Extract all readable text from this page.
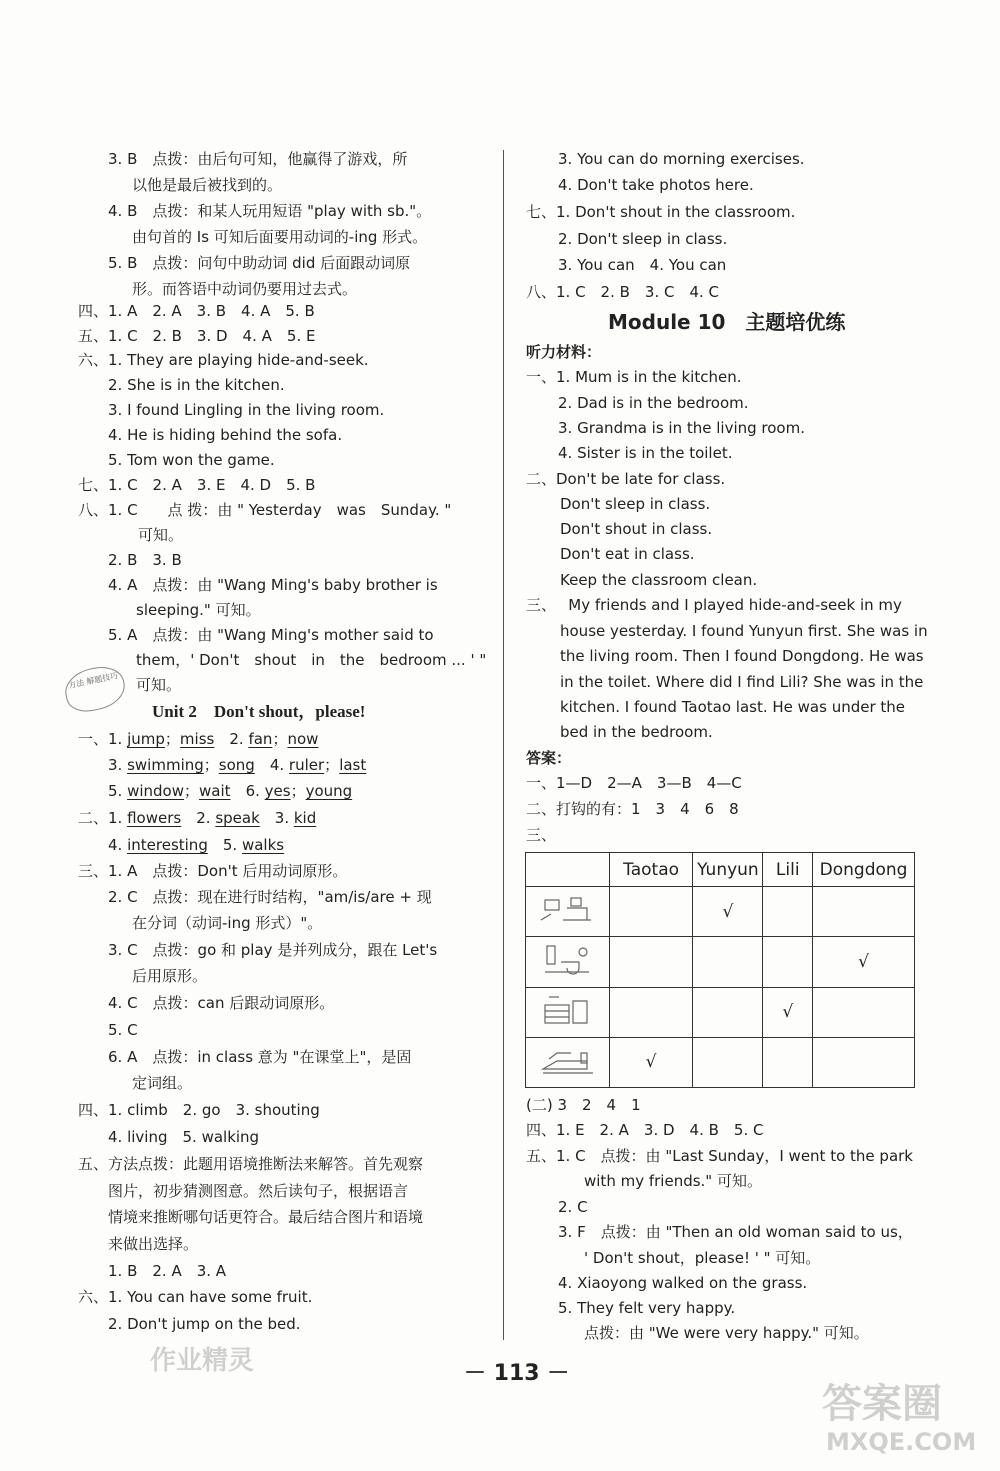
3. B　点拨：由后句可知，他赢得了游戏，所
以他是最后被找到的。
4. B　点拨：和某人玩用短语 "play with sb."。
由句首的 Is 可知后面要用动词的-ing 形式。
5. B　点拨：问句中助动词 did 后面跟动词原
形。而答语中动词仍要用过去式。
四、1. A　2. A　3. B　4. A　5. B
五、1. C　2. B　3. D　4. A　5. E
六、1. They are playing hide-and-seek.
2. She is in the kitchen.
3. I found Lingling in the living room.
4. He is hiding behind the sofa.
5. Tom won the game.
七、1. C　2. A　3. E　4. D　5. B
八、1. C　　点 拨：由 " Yesterday　was　Sunday. "
可知。
2. B　3. B
4. A　点拨：由 "Wang Ming's baby brother is
sleeping." 可知。
5. A　点拨：由 "Wang Ming's mother said to
them，' Don't　shout　in　the　bedroom ... ' "
可知。
Unit 2　Don't shout，please!
一、1. jump；miss　 2. fan；now
3. swimming；song　 4. ruler；last
5. window；wait　 6. yes；young
二、1. flowers　 2. speak　 3. kid
4. interesting　 5. walks
三、1. A　点拨：Don't 后用动词原形。
2. C　点拨：现在进行时结构，"am/is/are + 现
在分词（动词-ing 形式）"。
3. C　点拨：go 和 play 是并列成分，跟在 Let's
后用原形。
4. C　点拨：can 后跟动词原形。
5. C
6. A　点拨：in class 意为 "在课堂上"，是固
定词组。
四、1. climb　2. go　3. shouting
4. living　5. walking
五、方法点拨：此题用语境推断法来解答。首先观察
图片，初步猜测图意。然后读句子，根据语言
情境来推断哪句话更符合。最后结合图片和语境
来做出选择。
1. B　2. A　3. A
六、1. You can have some fruit.
2. Don't jump on the bed.
方法 解题技巧
3. You can do morning exercises.
4. Don't take photos here.
七、1. Don't shout in the classroom.
2. Don't sleep in class.
3. You can　4. You can
八、1. C　2. B　3. C　4. C
Module 10　主题培优练
听力材料：
一、1. Mum is in the kitchen.
2. Dad is in the bedroom.
3. Grandma is in the living room.
4. Sister is in the toilet.
二、Don't be late for class.
Don't sleep in class.
Don't shout in class.
Don't eat in class.
Keep the classroom clean.
三、　 My friends and I played hide-and-seek in my
house yesterday. I found Yunyun first. She was in
the living room. Then I found Dongdong. He was
in the toilet. Where did I find Lili? She was in the
kitchen. I found Taotao last. He was under the
bed in the bedroom.
答案：
一、1—D　2—A　3—B　4—C
二、打钩的有：1　3　4　6　8
三、
(二) 3　2　4　1
四、1. E　2. A　3. D　4. B　5. C
五、1. C　点拨：由 "Last Sunday，I went to the park
with my friends." 可知。
2. C
3. F　点拨：由 "Then an old woman said to us，
' Don't shout，please! ' " 可知。
4. Xiaoyong walked on the grass.
5. They felt very happy.
点拨：由 "We were very happy." 可知。
	Taotao	Yunyun	Lili	Dongdong
		√		
				√
			√	
	√			
－ 113 －
答案圈
MXQE.COM
作业精灵
